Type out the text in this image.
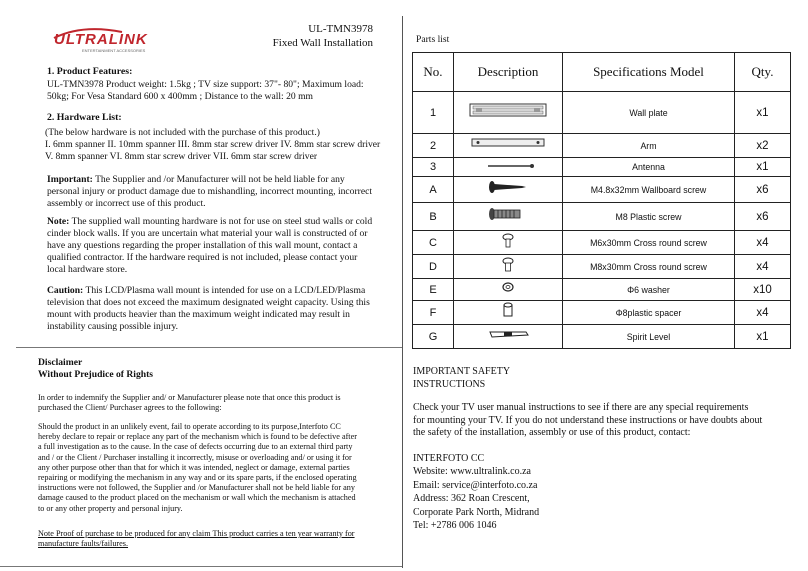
ULTRALINK
ENTERTAINMENT ACCESSORIES
UL-TMN3978
Fixed Wall Installation
1. Product Features:
UL-TMN3978 Product weight: 1.5kg ; TV size support: 37"- 80"; Maximum load:
50kg; For Vesa Standard 600 x 400mm ; Distance to the wall: 20 mm
2. Hardware List:
(The below hardware is not included with the purchase of this product.)
I. 6mm spanner II. 10mm spanner III. 8mm star screw driver IV. 8mm star screw driver
V. 8mm spanner VI. 8mm star screw driver VII. 6mm star screw driver
Important: The Supplier and /or Manufacturer will not be held liable for any
personal injury or product damage due to mishandling, incorrect mounting, incorrect
assembly or incorrect use of this product.
Note: The supplied wall mounting hardware is not for use on steel stud walls or cold
cinder block walls. If you are uncertain what material your wall is constructed of or
have any questions regarding the proper installation of this wall mount, contact a
qualified contractor. If the hardware required is not included, please contact your
local hardware store.
Caution: This LCD/Plasma wall mount is intended for use on a LCD/LED/Plasma
television that does not exceed the maximum designated weight capacity. Using this
mount with products heavier than the maximum weight indicated may result in
instability causing possible injury.
Disclaimer
Without Prejudice of Rights
In order to indemnify the Supplier and/ or Manufacturer please note that once this product is
purchased the Client/ Purchaser agrees to the following:
Should the product in an unlikely event, fail to operate according to its purpose,Interfoto CC
hereby declare to repair or replace any part of the mechanism which is found to be defective after
a full investigation as to the cause. In the case of defects occurring due to an external third party
and / or the Client / Purchaser installing it incorrectly, misuse or overloading and/ or using it for
any other purpose other than that for which it was intended, neglect or damage, external parties
repairing or modifying the mechanism in any way and or its spare parts, if the enclosed operating
instructions were not followed, the Supplier and /or Manufacturer shall not be held liable for any
damage caused to the product placed on the mechanism or wall which the mechanism is attached
to or any other property and personal injury.
Note Proof of purchase to be produced for any claim This product carries a ten year warranty for
manufacture faults/failures.
Parts list
No.	Description	Specifications Model	Qty.
1		Wall plate	x1
2		Arm	x2
3		Antenna	x1
A		M4.8x32mm Wallboard screw	x6
B		M8 Plastic screw	x6
C		M6x30mm Cross round screw	x4
D		M8x30mm Cross round screw	x4
E		Φ6 washer	x10
F		Φ8plastic spacer	x4
G		Spirit Level	x1
IMPORTANT SAFETY
INSTRUCTIONS
Check your TV user manual instructions to see if there are any special requirements
for mounting your TV. If you do not understand these instructions or have doubts about
the safety of the installation, assembly or use of this product, contact:
INTERFOTO CC
Website: www.ultralink.co.za
Email: service@interfoto.co.za
Address: 362 Roan Crescent,
Corporate Park North, Midrand
Tel: +2786 006 1046
